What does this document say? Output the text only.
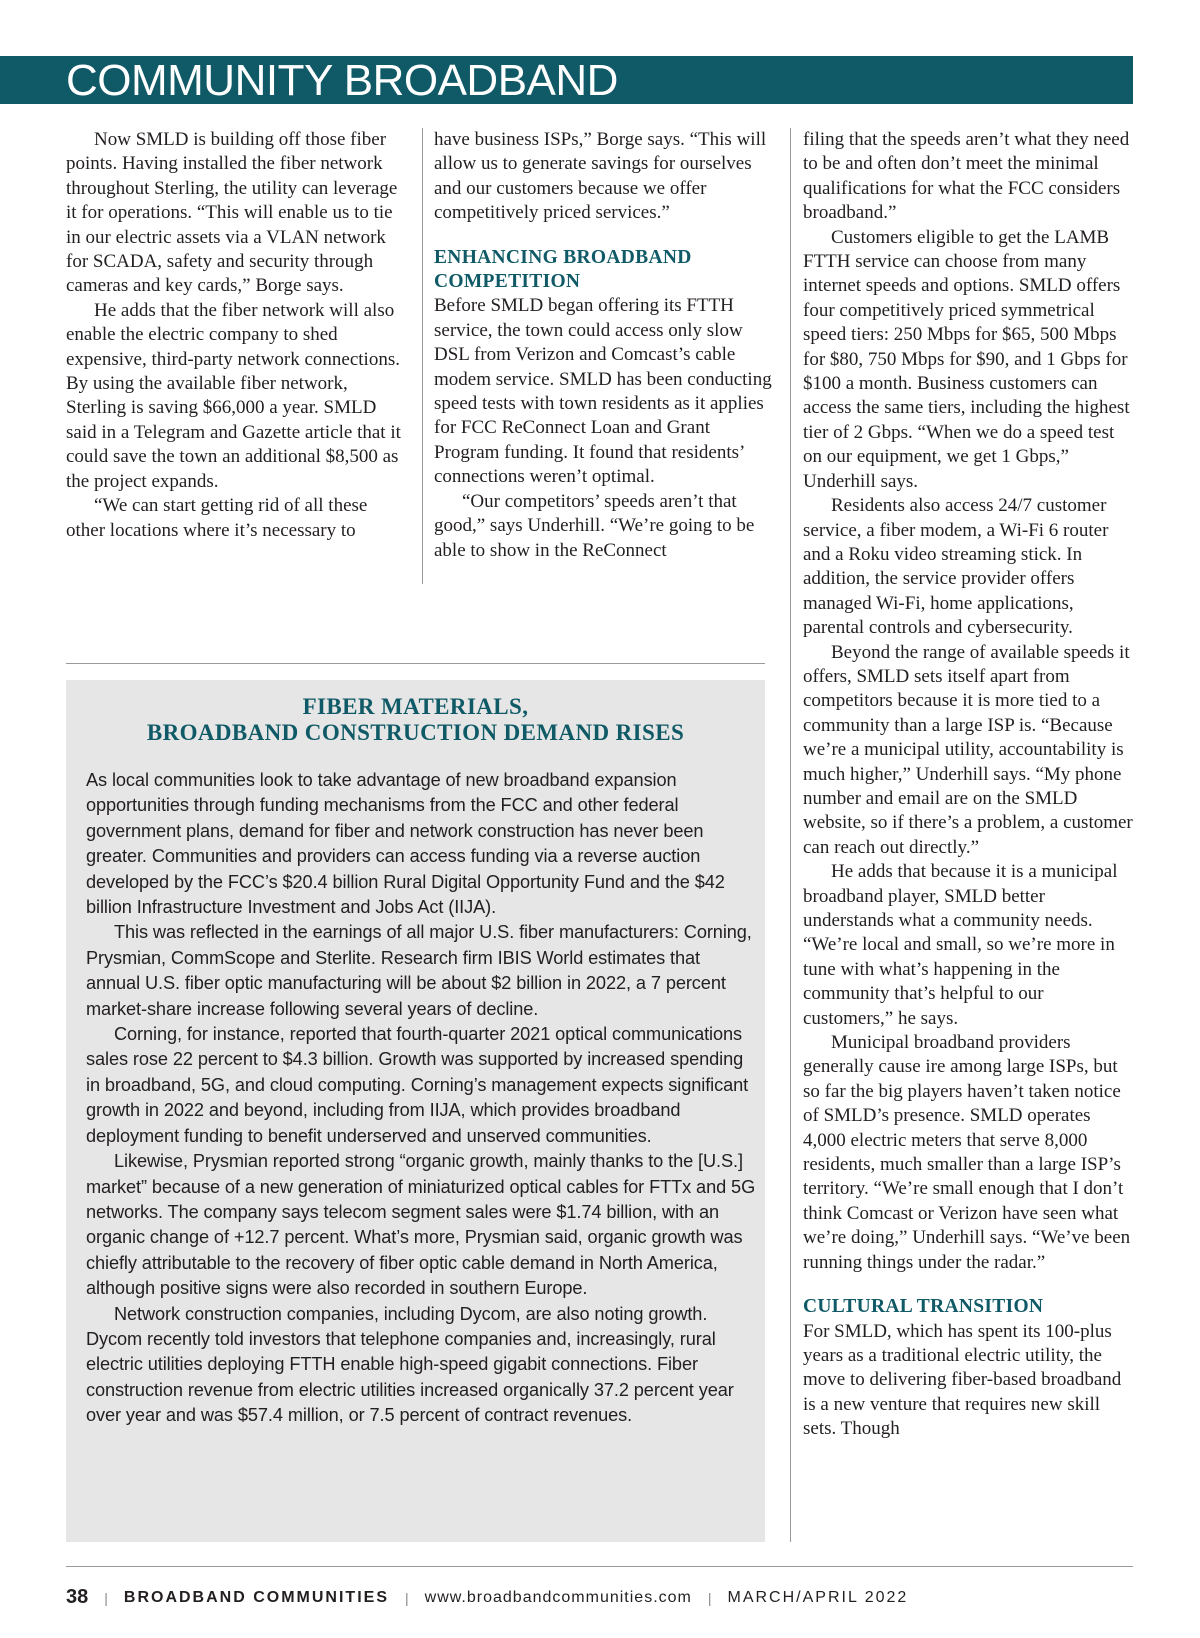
COMMUNITY BROADBAND

Now SMLD is building off those fiber points. Having installed the fiber network throughout Sterling, the utility can leverage it for operations. “This will enable us to tie in our electric assets via a VLAN network for SCADA, safety and security through cameras and key cards,” Borge says.

He adds that the fiber network will also enable the electric company to shed expensive, third-party network connections. By using the available fiber network, Sterling is saving $66,000 a year. SMLD said in a Telegram and Gazette article that it could save the town an additional $8,500 as the project expands.

“We can start getting rid of all these other locations where it’s necessary to

have business ISPs,” Borge says. “This will allow us to generate savings for ourselves and our customers because we offer competitively priced services.”

ENHANCING BROADBAND COMPETITION

Before SMLD began offering its FTTH service, the town could access only slow DSL from Verizon and Comcast’s cable modem service. SMLD has been conducting speed tests with town residents as it applies for FCC ReConnect Loan and Grant Program funding. It found that residents’ connections weren’t optimal.

“Our competitors’ speeds aren’t that good,” says Underhill. “We’re going to be able to show in the ReConnect

filing that the speeds aren’t what they need to be and often don’t meet the minimal qualifications for what the FCC considers broadband.”

Customers eligible to get the LAMB FTTH service can choose from many internet speeds and options. SMLD offers four competitively priced symmetrical speed tiers: 250 Mbps for $65, 500 Mbps for $80, 750 Mbps for $90, and 1 Gbps for $100 a month. Business customers can access the same tiers, including the highest tier of 2 Gbps. “When we do a speed test on our equipment, we get 1 Gbps,” Underhill says.

Residents also access 24/7 customer service, a fiber modem, a Wi-Fi 6 router and a Roku video streaming stick. In addition, the service provider offers managed Wi-Fi, home applications, parental controls and cybersecurity.

Beyond the range of available speeds it offers, SMLD sets itself apart from competitors because it is more tied to a community than a large ISP is. “Because we’re a municipal utility, accountability is much higher,” Underhill says. “My phone number and email are on the SMLD website, so if there’s a problem, a customer can reach out directly.”

He adds that because it is a municipal broadband player, SMLD better understands what a community needs. “We’re local and small, so we’re more in tune with what’s happening in the community that’s helpful to our customers,” he says.

Municipal broadband providers generally cause ire among large ISPs, but so far the big players haven’t taken notice of SMLD’s presence. SMLD operates 4,000 electric meters that serve 8,000 residents, much smaller than a large ISP’s territory. “We’re small enough that I don’t think Comcast or Verizon have seen what we’re doing,” Underhill says. “We’ve been running things under the radar.”

CULTURAL TRANSITION

For SMLD, which has spent its 100-plus years as a traditional electric utility, the move to delivering fiber-based broadband is a new venture that requires new skill sets. Though

FIBER MATERIALS,
BROADBAND CONSTRUCTION DEMAND RISES

As local communities look to take advantage of new broadband expansion opportunities through funding mechanisms from the FCC and other federal government plans, demand for fiber and network construction has never been greater. Communities and providers can access funding via a reverse auction developed by the FCC’s $20.4 billion Rural Digital Opportunity Fund and the $42 billion Infrastructure Investment and Jobs Act (IIJA).

This was reflected in the earnings of all major U.S. fiber manufacturers: Corning, Prysmian, CommScope and Sterlite. Research firm IBIS World estimates that annual U.S. fiber optic manufacturing will be about $2 billion in 2022, a 7 percent market-share increase following several years of decline.

Corning, for instance, reported that fourth-quarter 2021 optical communications sales rose 22 percent to $4.3 billion. Growth was supported by increased spending in broadband, 5G, and cloud computing. Corning’s management expects significant growth in 2022 and beyond, including from IIJA, which provides broadband deployment funding to benefit underserved and unserved communities.

Likewise, Prysmian reported strong “organic growth, mainly thanks to the [U.S.] market” because of a new generation of miniaturized optical cables for FTTx and 5G networks. The company says telecom segment sales were $1.74 billion, with an organic change of +12.7 percent. What’s more, Prysmian said, organic growth was chiefly attributable to the recovery of fiber optic cable demand in North America, although positive signs were also recorded in southern Europe.

Network construction companies, including Dycom, are also noting growth. Dycom recently told investors that telephone companies and, increasingly, rural electric utilities deploying FTTH enable high-speed gigabit connections. Fiber construction revenue from electric utilities increased organically 37.2 percent year over year and was $57.4 million, or 7.5 percent of contract revenues.

38 | BROADBAND COMMUNITIES | www.broadbandcommunities.com | MARCH/APRIL 2022
